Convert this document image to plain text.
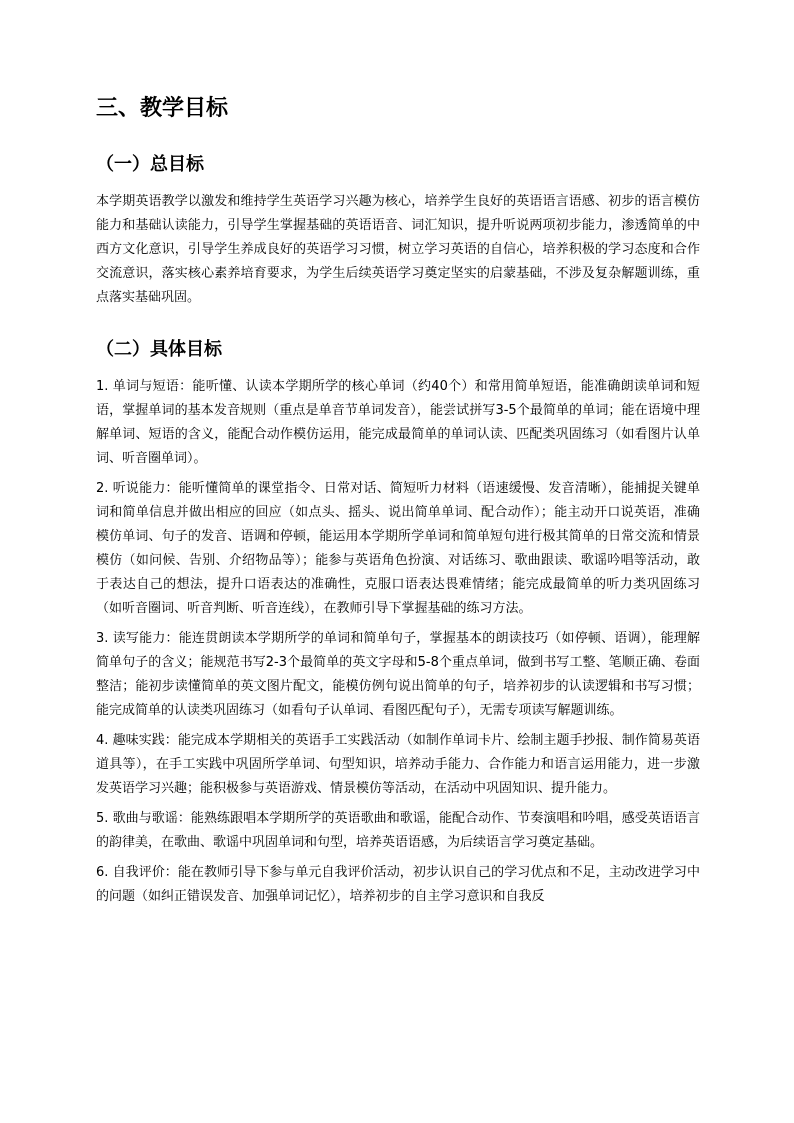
三、教学目标
（一）总目标

本学期英语教学以激发和维持学生英语学习兴趣为核心，培养学生良好的英语语言语感、初步的语言模仿能力和基础认读能力，引导学生掌握基础的英语语音、词汇知识，提升听说两项初步能力，渗透简单的中西方文化意识，引导学生养成良好的英语学习习惯，树立学习英语的自信心，培养积极的学习态度和合作交流意识，落实核心素养培育要求，为学生后续英语学习奠定坚实的启蒙基础，不涉及复杂解题训练，重点落实基础巩固。

（二）具体目标

1. 单词与短语：能听懂、认读本学期所学的核心单词（约40个）和常用简单短语，能准确朗读单词和短语，掌握单词的基本发音规则（重点是单音节单词发音），能尝试拼写3-5个最简单的单词；能在语境中理解单词、短语的含义，能配合动作模仿运用，能完成最简单的单词认读、匹配类巩固练习（如看图片认单词、听音圈单词）。

2. 听说能力：能听懂简单的课堂指令、日常对话、简短听力材料（语速缓慢、发音清晰），能捕捉关键单词和简单信息并做出相应的回应（如点头、摇头、说出简单单词、配合动作）；能主动开口说英语，准确模仿单词、句子的发音、语调和停顿，能运用本学期所学单词和简单短句进行极其简单的日常交流和情景模仿（如问候、告别、介绍物品等）；能参与英语角色扮演、对话练习、歌曲跟读、歌谣吟唱等活动，敢于表达自己的想法，提升口语表达的准确性，克服口语表达畏难情绪；能完成最简单的听力类巩固练习（如听音圈词、听音判断、听音连线），在教师引导下掌握基础的练习方法。

3. 读写能力：能连贯朗读本学期所学的单词和简单句子，掌握基本的朗读技巧（如停顿、语调），能理解简单句子的含义；能规范书写2-3个最简单的英文字母和5-8个重点单词，做到书写工整、笔顺正确、卷面整洁；能初步读懂简单的英文图片配文，能模仿例句说出简单的句子，培养初步的认读逻辑和书写习惯；能完成简单的认读类巩固练习（如看句子认单词、看图匹配句子），无需专项读写解题训练。

4. 趣味实践：能完成本学期相关的英语手工实践活动（如制作单词卡片、绘制主题手抄报、制作简易英语道具等），在手工实践中巩固所学单词、句型知识，培养动手能力、合作能力和语言运用能力，进一步激发英语学习兴趣；能积极参与英语游戏、情景模仿等活动，在活动中巩固知识、提升能力。

5. 歌曲与歌谣：能熟练跟唱本学期所学的英语歌曲和歌谣，能配合动作、节奏演唱和吟唱，感受英语语言的韵律美，在歌曲、歌谣中巩固单词和句型，培养英语语感，为后续语言学习奠定基础。

6. 自我评价：能在教师引导下参与单元自我评价活动，初步认识自己的学习优点和不足，主动改进学习中的问题（如纠正错误发音、加强单词记忆），培养初步的自主学习意识和自我反
